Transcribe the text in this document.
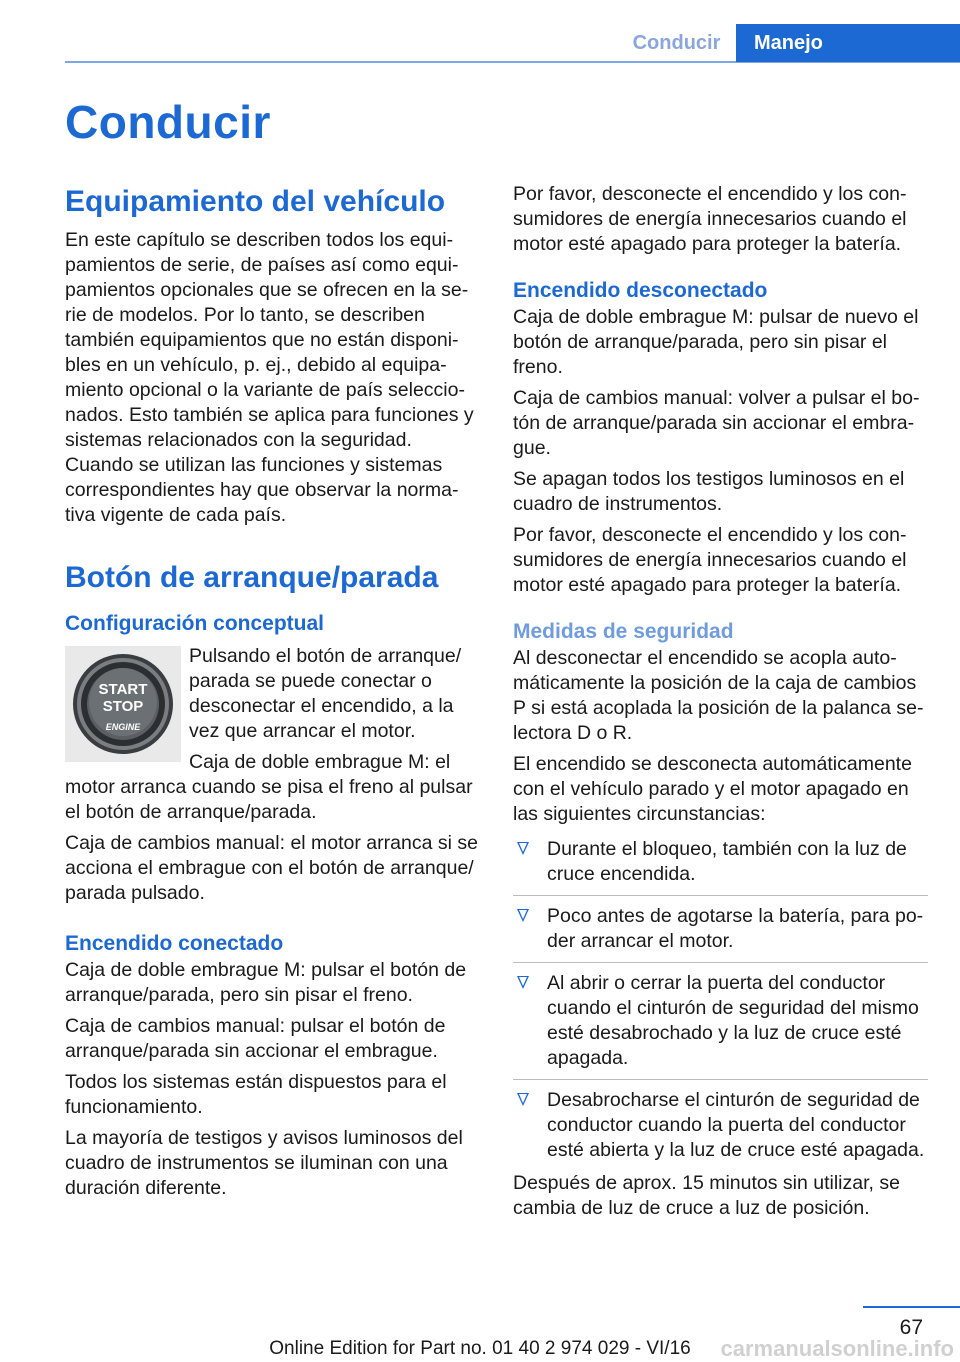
Conducir	Manejo
Conducir
Equipamiento del vehículo

En este capítulo se describen todos los equipamientos de serie, de países así como equipamientos opcionales que se ofrecen en la serie de modelos. Por lo tanto, se describen también equipamientos que no están disponibles en un vehículo, p. ej., debido al equipamiento opcional o la variante de país seleccionados. Esto también se aplica para funciones y sistemas relacionados con la seguridad. Cuando se utilizan las funciones y sistemas correspondientes hay que observar la normativa vigente de cada país.

Botón de arranque/parada
Configuración conceptual
START
STOP
ENGINE

Pulsando el botón de arranque/ parada se puede conectar o desconectar el encendido, a la vez que arrancar el motor.

Caja de doble embrague M: el motor arranca cuando se pisa el freno al pulsar el botón de arranque/parada.

Caja de cambios manual: el motor arranca si se acciona el embrague con el botón de arranque/ parada pulsado.

Encendido conectado

Caja de doble embrague M: pulsar el botón de arranque/parada, pero sin pisar el freno.

Caja de cambios manual: pulsar el botón de arranque/parada sin accionar el embrague.

Todos los sistemas están dispuestos para el funcionamiento.

La mayoría de testigos y avisos luminosos del cuadro de instrumentos se iluminan con una duración diferente.

Por favor, desconecte el encendido y los consumidores de energía innecesarios cuando el motor esté apagado para proteger la batería.

Encendido desconectado

Caja de doble embrague M: pulsar de nuevo el botón de arranque/parada, pero sin pisar el freno.

Caja de cambios manual: volver a pulsar el botón de arranque/parada sin accionar el embrague.

Se apagan todos los testigos luminosos en el cuadro de instrumentos.

Por favor, desconecte el encendido y los consumidores de energía innecesarios cuando el motor esté apagado para proteger la batería.

Medidas de seguridad

Al desconectar el encendido se acopla automáticamente la posición de la caja de cambios P si está acoplada la posición de la palanca selectora D o R.

El encendido se desconecta automáticamente con el vehículo parado y el motor apagado en las siguientes circunstancias:

Durante el bloqueo, también con la luz de cruce encendida.
Poco antes de agotarse la batería, para poder arrancar el motor.
Al abrir o cerrar la puerta del conductor cuando el cinturón de seguridad del mismo esté desabrochado y la luz de cruce esté apagada.
Desabrocharse el cinturón de seguridad de conductor cuando la puerta del conductor esté abierta y la luz de cruce esté apagada.

Después de aprox. 15 minutos sin utilizar, se cambia de luz de cruce a luz de posición.

67
Online Edition for Part no. 01 40 2 974 029 - VI/16	carmanualsonline.info
